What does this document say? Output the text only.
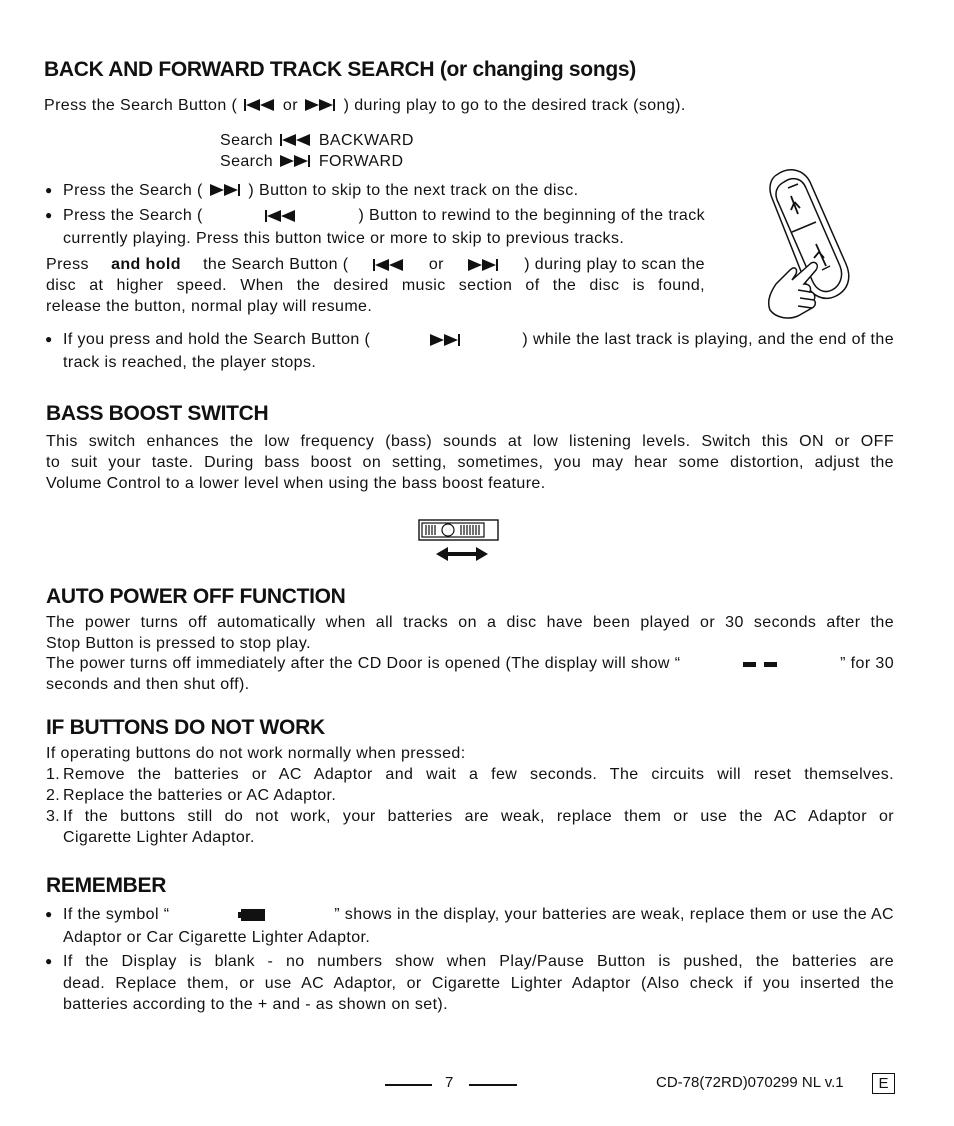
BACK AND FORWARD TRACK SEARCH (or changing songs)
Press the Search Button (	or	) during play to go to the desired track (song).
Search	BACKWARD
Search	FORWARD
● Press the Search (	) Button to skip to the next track on the disc.
● Press the Search (	) Button to rewind to the beginning of the track
currently playing. Press this button twice or more to skip to previous tracks.
Press and hold the Search Button (	or	) during play to scan the
disc at higher speed. When the desired music section of the disc is found,
release the button, normal play will resume.
● If you press and hold the Search Button (	) while the last track is playing, and the end of the
track is reached, the player stops.
BASS BOOST SWITCH
This switch enhances the low frequency (bass) sounds at low listening levels. Switch this ON or OFF
to suit your taste. During bass boost on setting, sometimes, you may hear some distortion, adjust the
Volume Control to a lower level when using the bass boost feature.
AUTO POWER OFF FUNCTION
The power turns off automatically when all tracks on a disc have been played or 30 seconds after the
Stop Button is pressed to stop play.
The power turns off immediately after the CD Door is opened (The display will show “	” for 30
seconds and then shut off).
IF BUTTONS DO NOT WORK
If operating buttons do not work normally when pressed:
1. Remove the batteries or AC Adaptor and wait a few seconds. The circuits will reset themselves.
2. Replace the batteries or AC Adaptor.
3. If the buttons still do not work, your batteries are weak, replace them or use the AC Adaptor or
Cigarette Lighter Adaptor.
REMEMBER
● If the symbol “	” shows in the display, your batteries are weak, replace them or use the AC
Adaptor or Car Cigarette Lighter Adaptor.
● If the Display is blank - no numbers show when Play/Pause Button is pushed, the batteries are
dead. Replace them, or use AC Adaptor, or Cigarette Lighter Adaptor (Also check if you inserted the
batteries according to the + and - as shown on set).
7	CD-78(72RD)070299 NL v.1	E
